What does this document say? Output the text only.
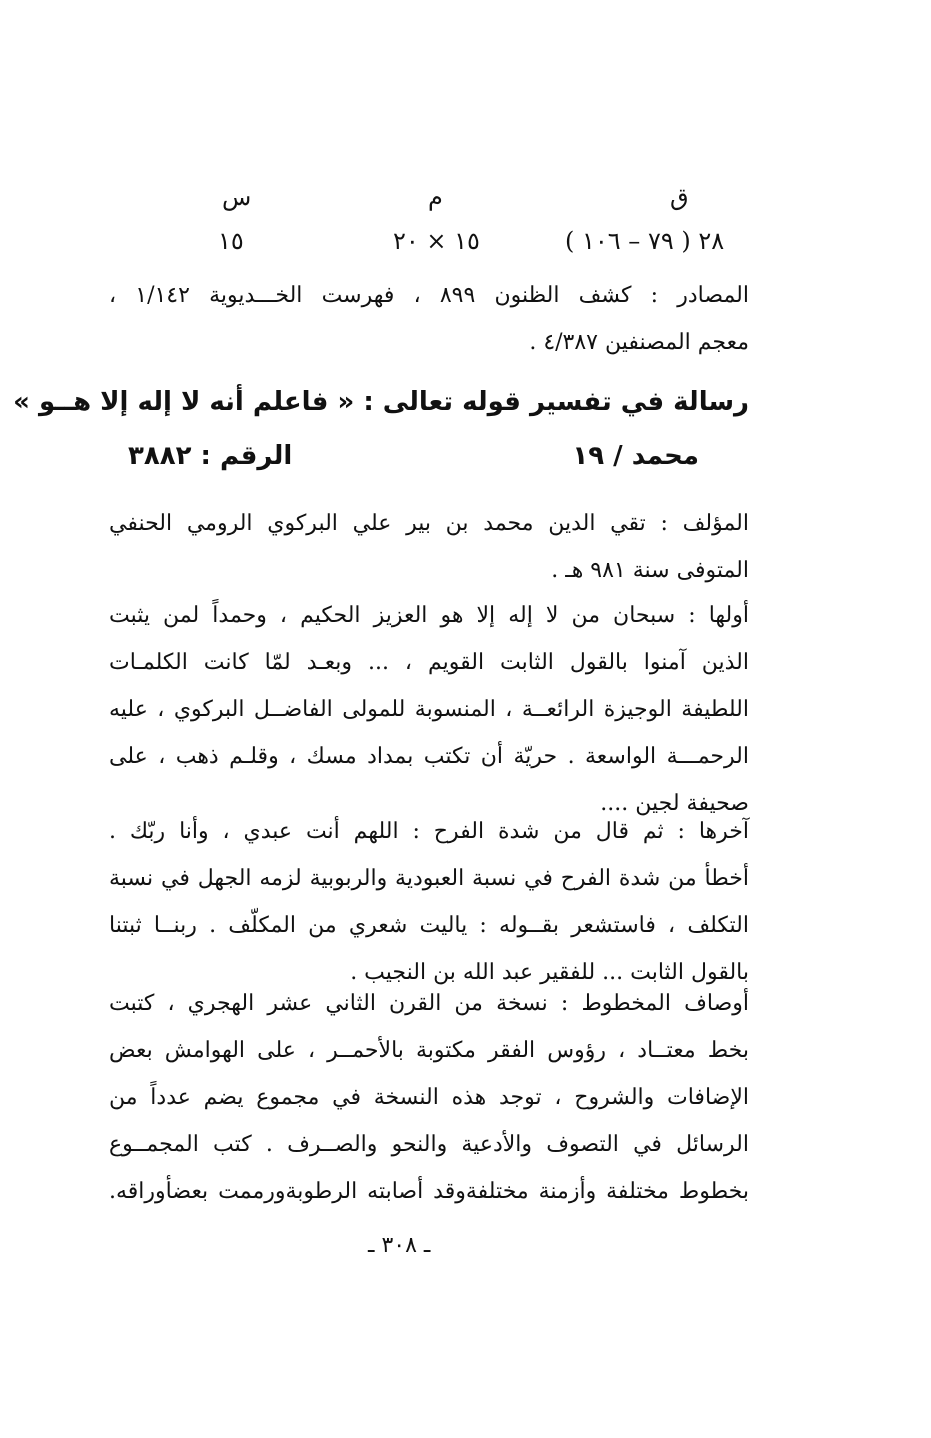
ق
٢٨ ( ٧٩ – ١٠٦ )
م
١٥ × ٢٠
س
١٥
المصادر : كشف الظنون ٨٩٩ ، فهرست الخـــديوية ١/١٤٢ ،
معجم المصنفين ٤/٣٨٧ .
رسالة في تفسير قوله تعالى : « فاعلم أنه لا إله إلا هــو »
محمد / ١٩
الرقم : ٣٨٨٢
المؤلف : تقي الدين محمد بن بير علي البركوي الرومي الحنفي
المتوفى سنة ٩٨١ هـ .
أولها : سبحان من لا إله إلا هو العزيز الحكيم ، وحمداً لمن يثبت
الذين آمنوا بالقول الثابت القويم ، ... وبعـد لمّا كانت الكلمـات
اللطيفة الوجيزة الرائعــة ، المنسوبة للمولى الفاضــل البركوي ، عليه
الرحمـــة الواسعة . حريّة أن تكتب بمداد مسك ، وقلـم ذهب ، على
صحيفة لجين ....
آخرها : ثم قال من شدة الفرح : اللهم أنت عبدي ، وأنا ربّك .
أخطأ من شدة الفرح في نسبة العبودية والربوبية لزمه الجهل في نسبة
التكلف ، فاستشعر بقــوله : ياليت شعري من المكلّف . ربنــا ثبتنا
بالقول الثابت ... للفقير عبد الله بن النجيب .
أوصاف المخطوط : نسخة من القرن الثاني عشر الهجري ، كتبت
بخط معتــاد ، رؤوس الفقر مكتوبة بالأحمــر ، على الهوامش بعض
الإضافات والشروح ، توجد هذه النسخة في مجموع يضم عدداً من
الرسائل في التصوف والأدعية والنحو والصــرف . كتب المجمــوع
بخطوط مختلفة وأزمنة مختلفةوقد أصابته الرطوبةورممت بعضأوراقه.
ـ ٣٠٨ ـ
